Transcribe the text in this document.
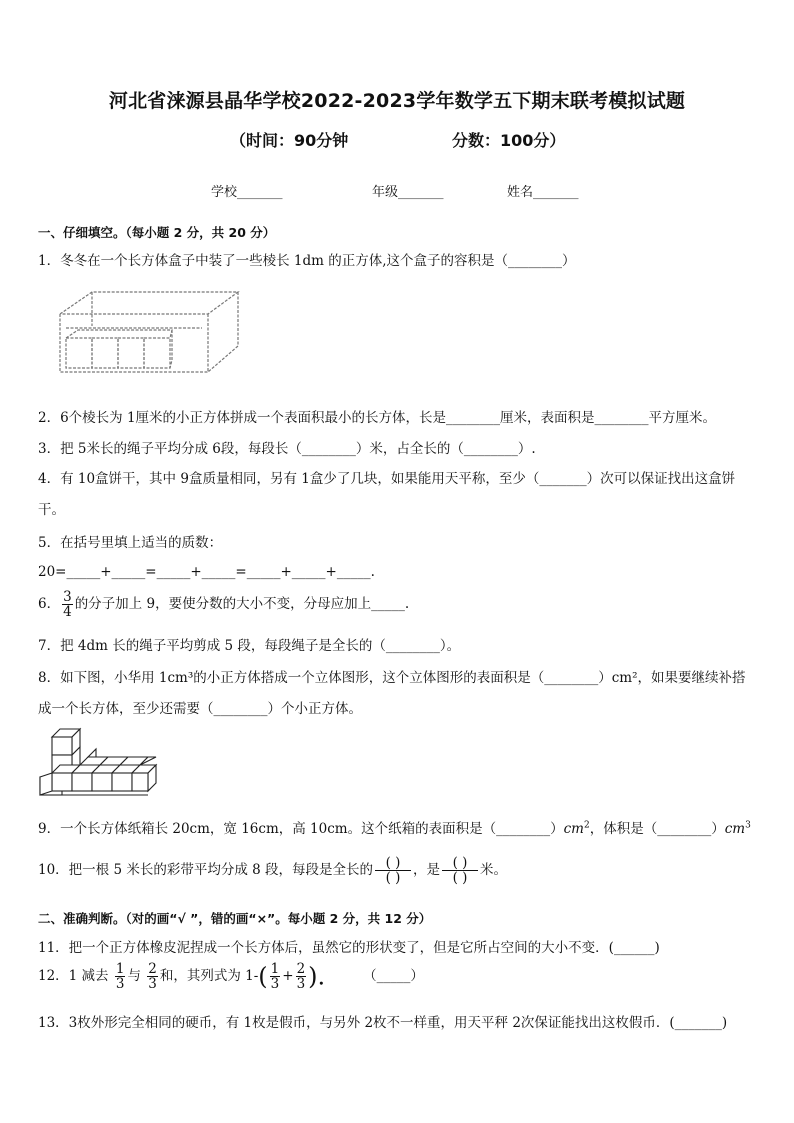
河北省涞源县晶华学校2022-2023学年数学五下期末联考模拟试题
（时间：90分钟	分数：100分）
学校_______	年级_______	姓名_______
一、仔细填空。（每小题 2 分，共 20 分）
1．冬冬在一个长方体盒子中装了一些棱长 1dm 的正方体,这个盒子的容积是（________）
2．6个棱长为 1厘米的小正方体拼成一个表面积最小的长方体，长是________厘米，表面积是________平方厘米。
3．把 5米长的绳子平均分成 6段，每段长（________）米，占全长的（________）.
4．有 10盒饼干，其中 9盒质量相同，另有 1盒少了几块，如果能用天平称，至少（_______）次可以保证找出这盒饼
干。
5．在括号里填上适当的质数：
20=_____+_____=_____+_____=_____+_____+_____.
6． $\frac{3}{4}$ 的分子加上 9，要使分数的大小不变，分母应加上_____.
7．把 4dm 长的绳子平均剪成 5 段，每段绳子是全长的（________）。
8．如下图，小华用 1cm³的小正方体搭成一个立体图形，这个立体图形的表面积是（________）cm²，如果要继续补搭
成一个长方体，至少还需要（________）个小正方体。
9．一个长方体纸箱长 20cm，宽 16cm，高 10cm。这个纸箱的表面积是$(\_\_\_\_\_\_\_\_)cm^2$，体积是$(\_\_\_\_\_\_\_\_)cm^3$
10．把一根 5 米长的彩带平均分成 8 段，每段是全长的 $\frac{( )}{( )}$ ，是 $\frac{( )}{( )}$ 米。
二、准确判断。（对的画“√ ”，错的画“×”。每小题 2 分，共 12 分）
11．把一个正方体橡皮泥捏成一个长方体后，虽然它的形状变了，但是它所占空间的大小不变．(______)
12．1 减去 $\frac{1}{3}$ 与 $\frac{2}{3}$ 和，其列式为 $1-( \frac{1}{3} + \frac{2}{3}$ ).	（_____）
13．3枚外形完全相同的硬币，有 1枚是假币，与另外 2枚不一样重，用天平秤 2次保证能找出这枚假币．(_______)
